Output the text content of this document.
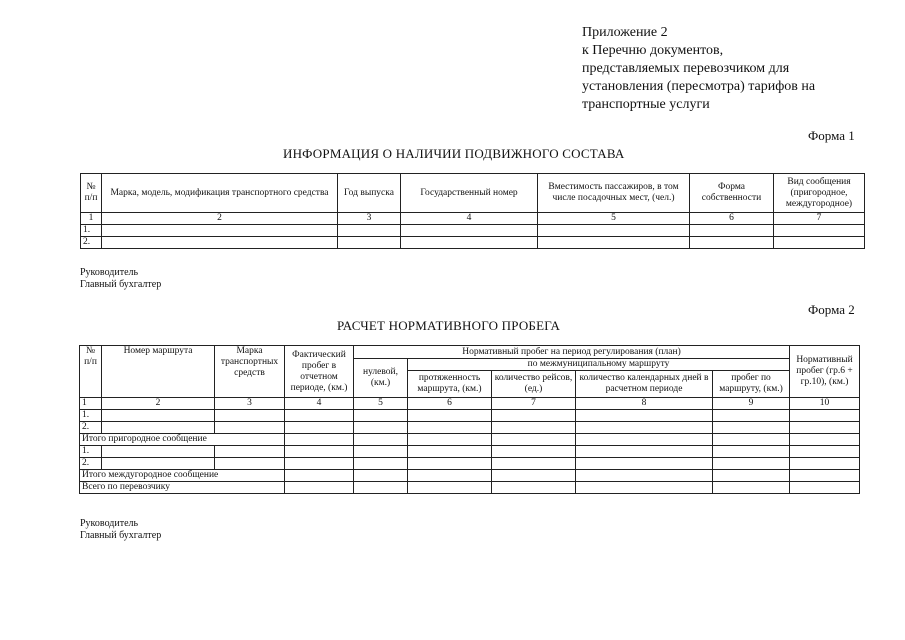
Приложение 2
к Перечню документов,
представляемых перевозчиком для
установления (пересмотра) тарифов на
транспортные услуги
Форма 1
ИНФОРМАЦИЯ О НАЛИЧИИ ПОДВИЖНОГО СОСТАВА
№ п/п	Марка, модель, модификация транспортного средства	Год выпуска	Государственный номер	Вместимость пассажиров, в том числе посадочных мест, (чел.)	Форма собственности	Вид сообщения (пригородное, междугородное)
1	2	3	4	5	6	7
1.						
2.						
Руководитель
Главный бухгалтер
Форма 2
РАСЧЕТ НОРМАТИВНОГО ПРОБЕГА
№ п/п	Номер маршрута	Марка транспортных средств	Фактический пробег в отчетном периоде, (км.)	Нормативный пробег на период регулирования (план)					Нормативный пробег (гр.6 + гр.10), (км.)
				нулевой, (км.)	по межмуниципальному маршруту				
					протяженность маршрута, (км.)	количество рейсов, (ед.)	количество календарных дней в расчетном периоде	пробег по маршруту, (км.)	
1	2	3	4	5	6	7	8	9	10
1.									
2.									
Итого пригородное сообщение									
1.									
2.									
Итого междугородное сообщение									
Всего по перевозчику									
Руководитель
Главный бухгалтер
